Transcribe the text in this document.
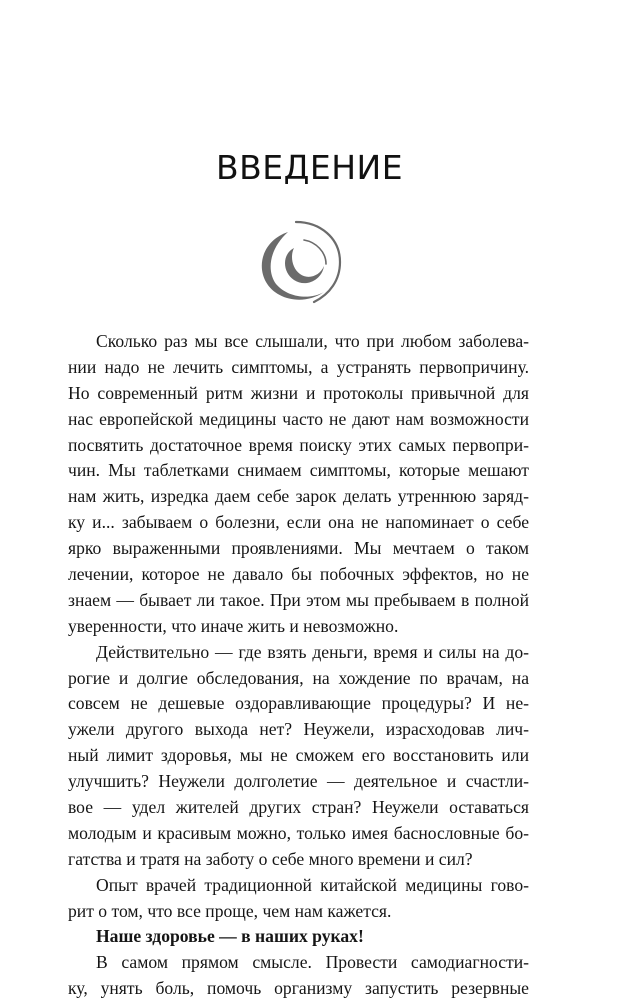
ВВЕДЕНИЕ
Сколько раз мы все слышали, что при любом заболева-
нии надо не лечить симптомы, а устранять первопричину.
Но современный ритм жизни и протоколы привычной для
нас европейской медицины часто не дают нам возможности
посвятить достаточное время поиску этих самых первопри-
чин. Мы таблетками снимаем симптомы, которые мешают
нам жить, изредка даем себе зарок делать утреннюю заряд-
ку и... забываем о болезни, если она не напоминает о себе
ярко выраженными проявлениями. Мы мечтаем о таком
лечении, которое не давало бы побочных эффектов, но не
знаем — бывает ли такое. При этом мы пребываем в полной
уверенности, что иначе жить и невозможно.
Действительно — где взять деньги, время и силы на до-
рогие и долгие обследования, на хождение по врачам, на
совсем не дешевые оздоравливающие процедуры? И не-
ужели другого выхода нет? Неужели, израсходовав лич-
ный лимит здоровья, мы не сможем его восстановить или
улучшить? Неужели долголетие — деятельное и счастли-
вое — удел жителей других стран? Неужели оставаться
молодым и красивым можно, только имея баснословные бо-
гатства и тратя на заботу о себе много времени и сил?
Опыт врачей традиционной китайской медицины гово-
рит о том, что все проще, чем нам кажется.
Наше здоровье — в наших руках!
В самом прямом смысле. Провести самодиагности-
ку, унять боль, помочь организму запустить резервные
